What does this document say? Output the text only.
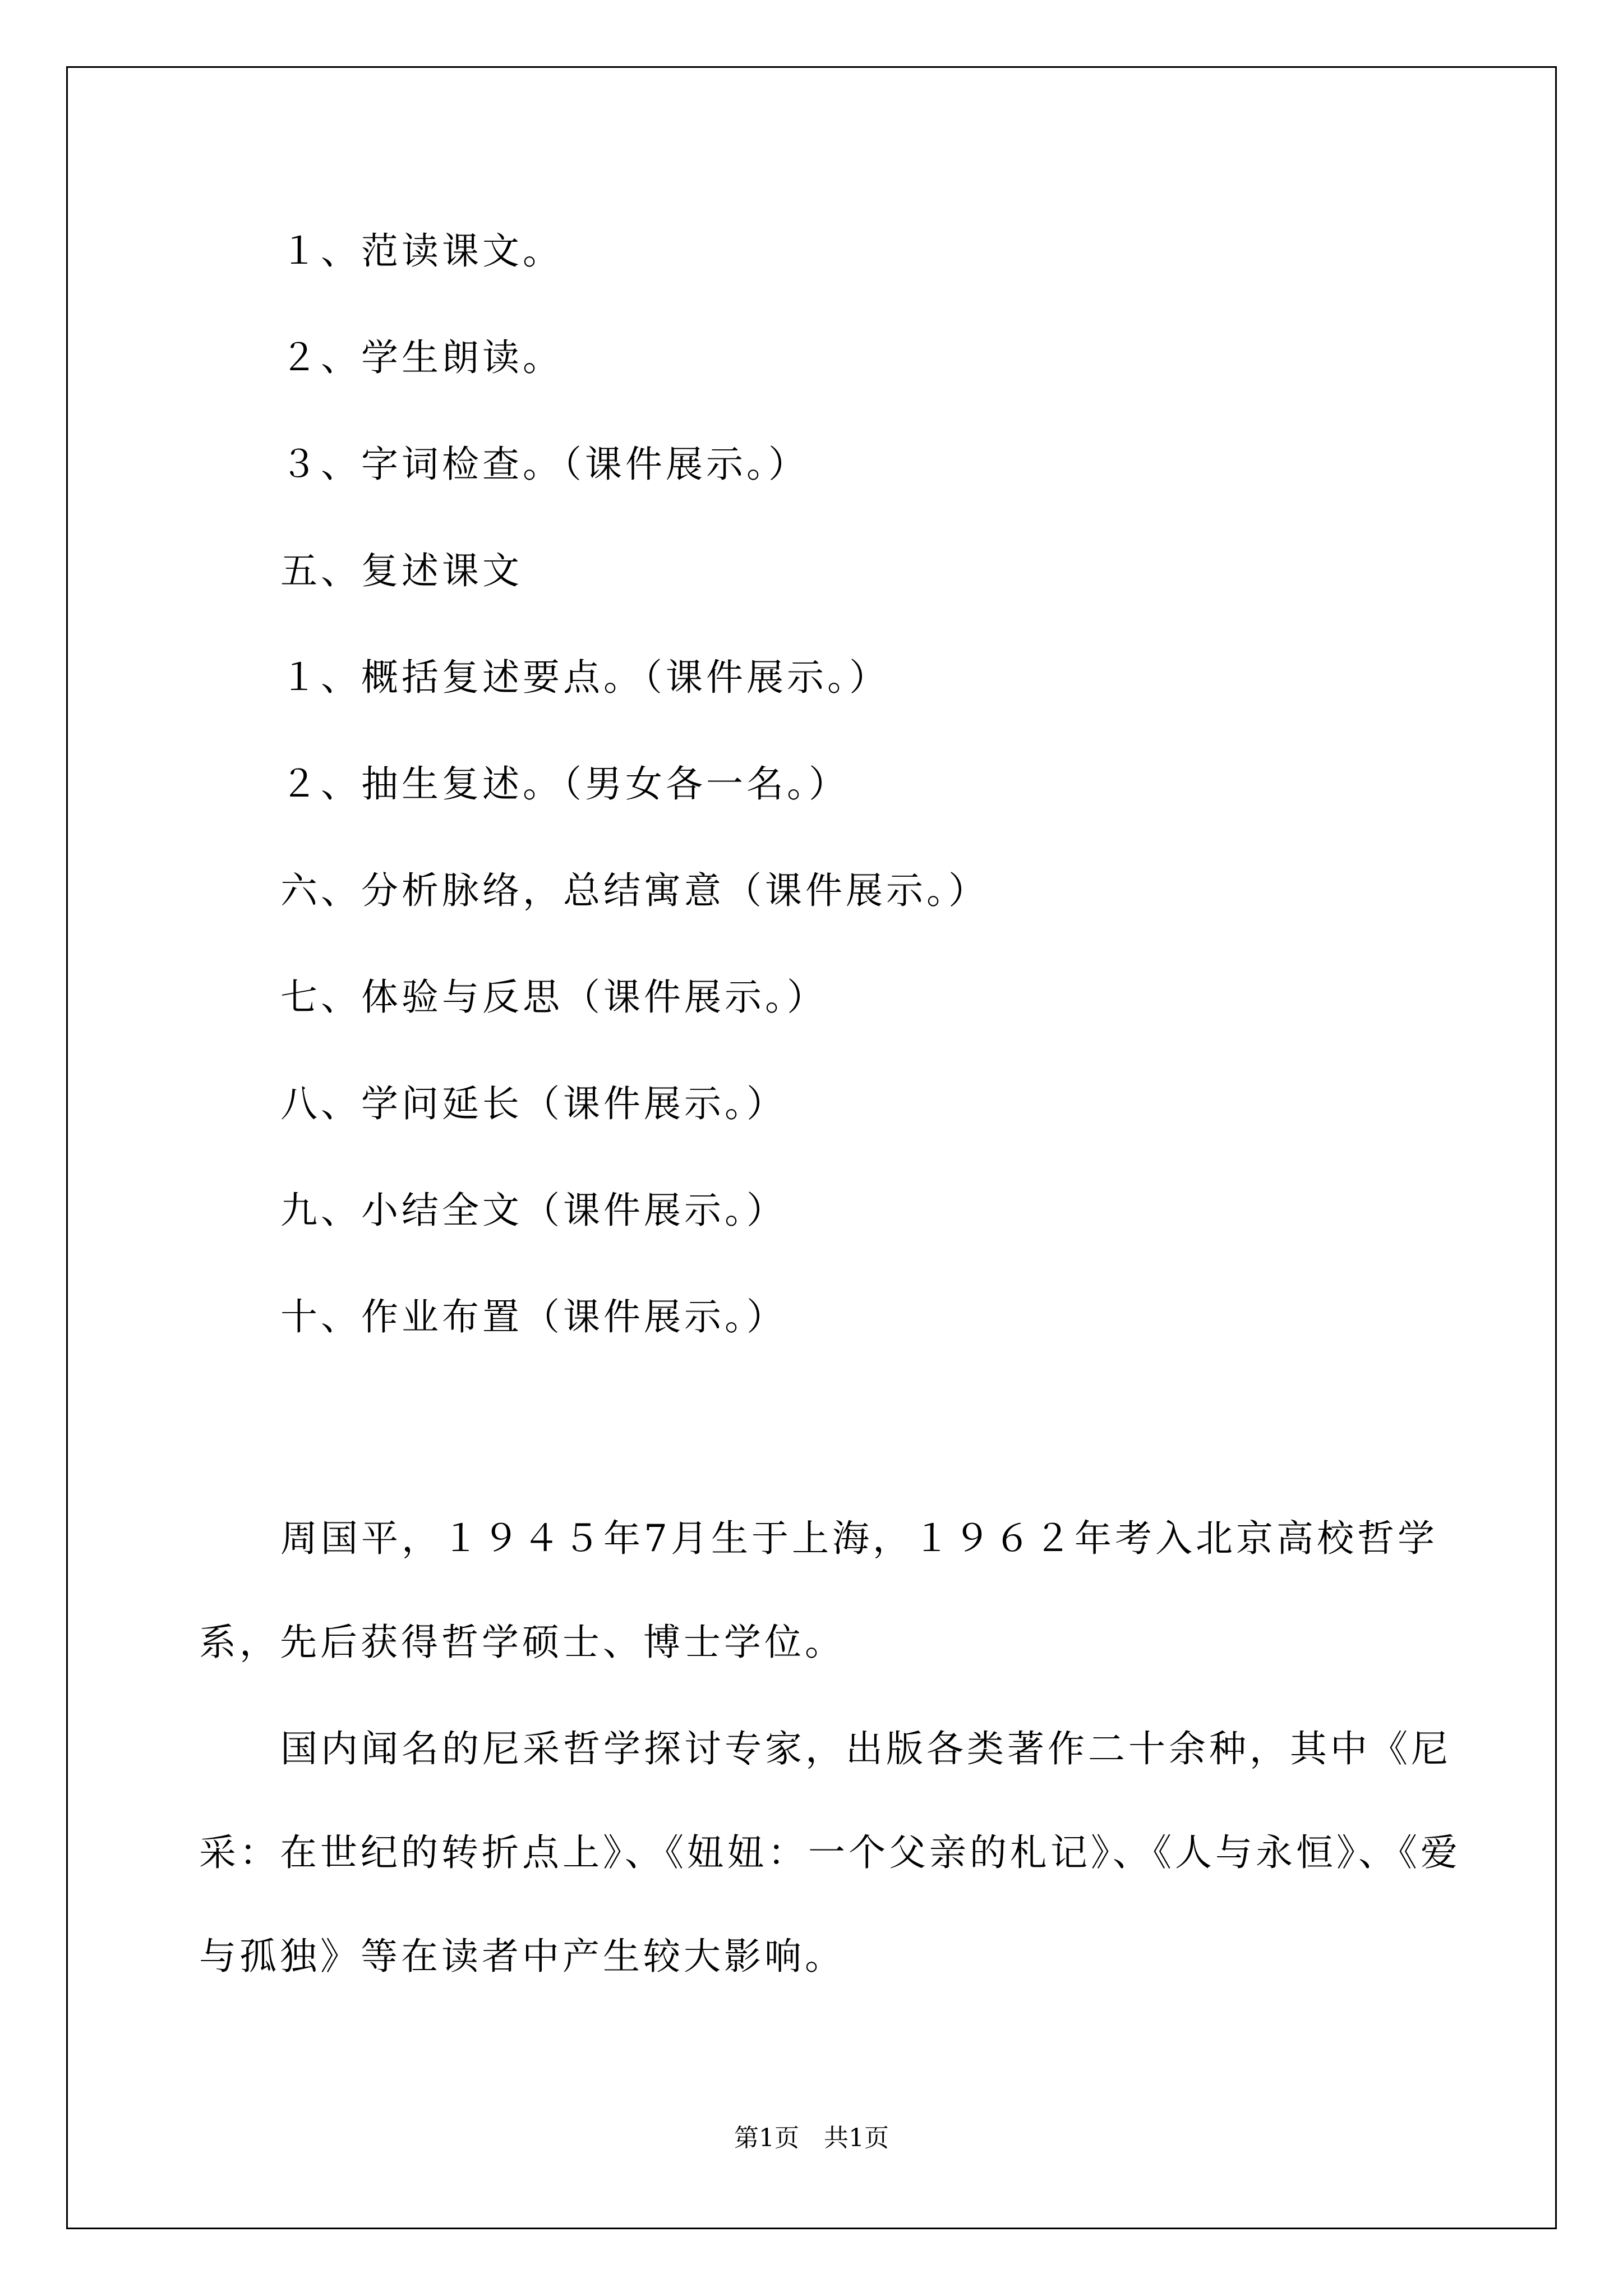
１、范读课文。
２、学生朗读。
３、字词检查。（课件展示。）
五、复述课文
１、概括复述要点。（课件展示。）
２、抽生复述。（男女各一名。）
六、分析脉络，总结寓意（课件展示。）
七、体验与反思（课件展示。）
八、学问延长（课件展示。）
九、小结全文（课件展示。）
十、作业布置（课件展示。）
周国平，１９４５年7月生于上海，１９６２年考入北京高校哲学
系，先后获得哲学硕士、博士学位。
国内闻名的尼采哲学探讨专家，出版各类著作二十余种，其中《尼
采：在世纪的转折点上》、《妞妞：一个父亲的札记》、《人与永恒》、《爱
与孤独》等在读者中产生较大影响。
第1页　共1页
